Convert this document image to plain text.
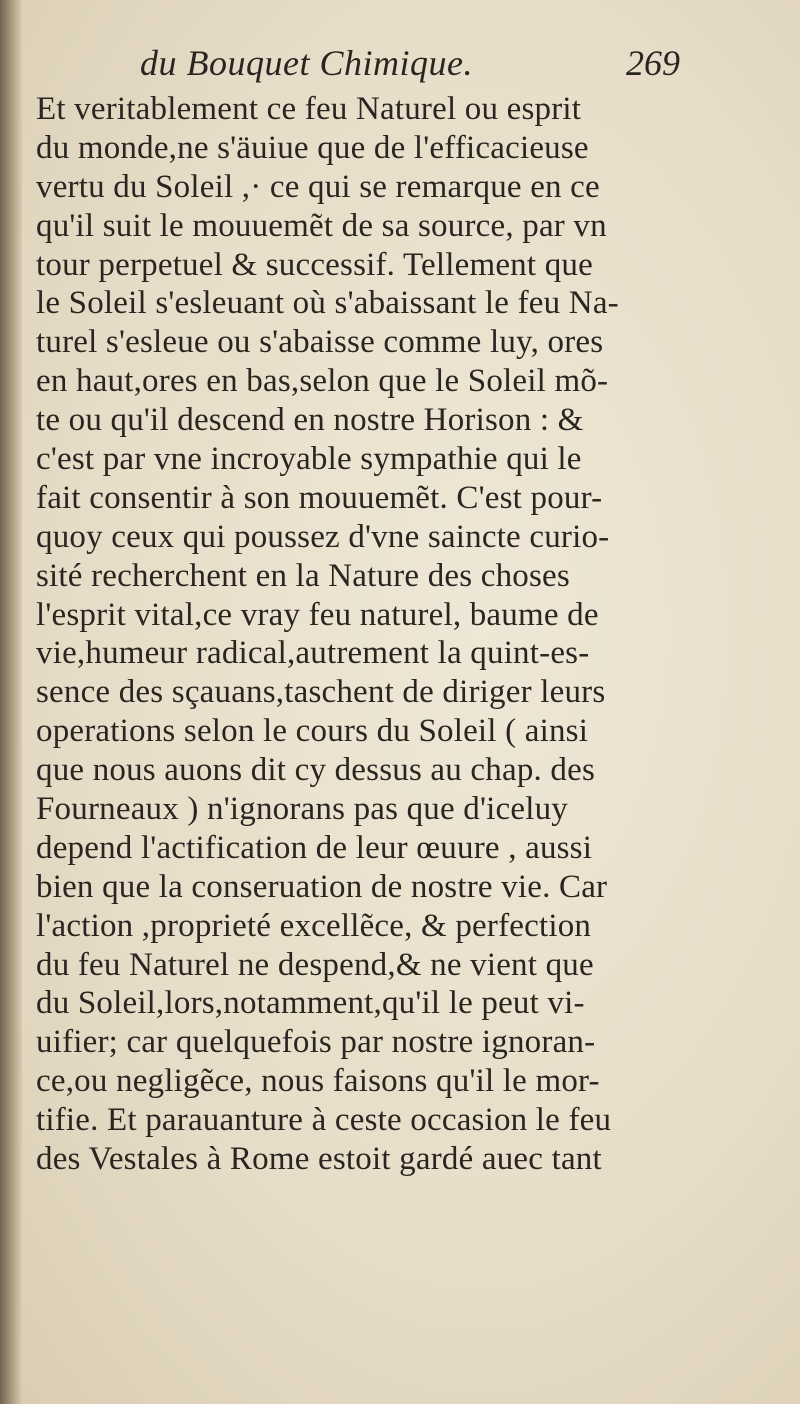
du Bouquet Chimique.	269
Et veritablement ce feu Naturel ou esprit
du monde,ne s'äuiue que de l'efficacieuse
vertu du Soleil ,· ce qui se remarque en ce
qu'il suit le mouuemẽt de sa source, par vn
tour perpetuel & successif. Tellement que
le Soleil s'esleuant où s'abaissant le feu Na-
turel s'esleue ou s'abaisse comme luy, ores
en haut,ores en bas,selon que le Soleil mõ-
te ou qu'il descend en nostre Horison : &
c'est par vne incroyable sympathie qui le
fait consentir à son mouuemẽt. C'est pour-
quoy ceux qui poussez d'vne saincte curio-
sité recherchent en la Nature des choses
l'esprit vital,ce vray feu naturel, baume de
vie,humeur radical,autrement la quint-es-
sence des sçauans,taschent de diriger leurs
operations selon le cours du Soleil ( ainsi
que nous auons dit cy dessus au chap. des
Fourneaux ) n'ignorans pas que d'iceluy
depend l'actification de leur œuure , aussi
bien que la conseruation de nostre vie. Car
l'action ,proprieté excellẽce, & perfection
du feu Naturel ne despend,& ne vient que
du Soleil,lors,notamment,qu'il le peut vi-
uifier; car quelquefois par nostre ignoran-
ce,ou negligẽce, nous faisons qu'il le mor-
tifie. Et parauanture à ceste occasion le feu
des Vestales à Rome estoit gardé auec tant
